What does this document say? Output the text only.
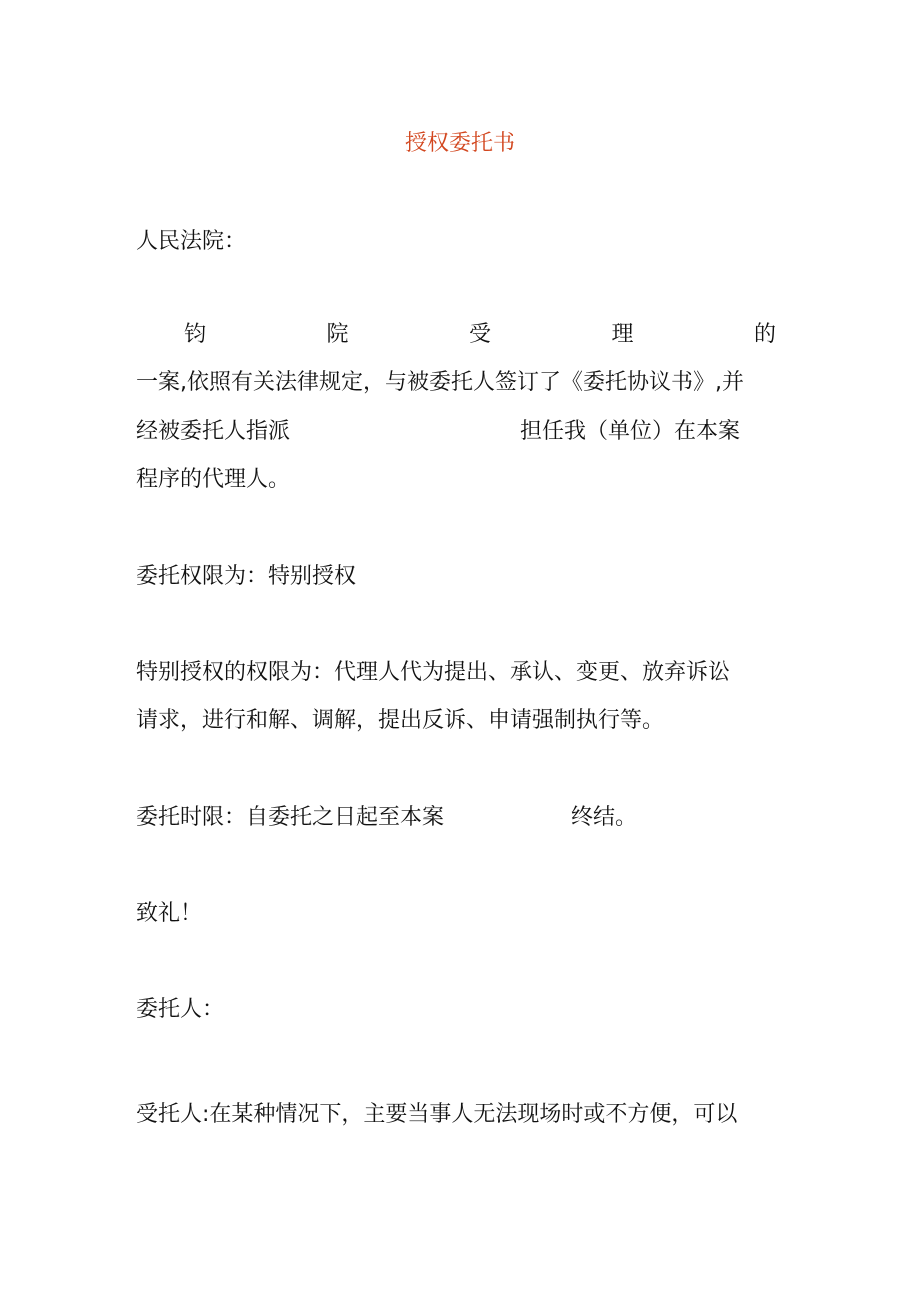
授权委托书
人民法院：
钧	院	受	理	的
一案,依照有关法律规定，与被委托人签订了《委托协议书》,并
经被委托人指派	担任我（单位）在本案
程序的代理人。
委托权限为：特别授权
特别授权的权限为：代理人代为提出、承认、变更、放弃诉讼
请求，进行和解、调解，提出反诉、申请强制执行等。
委托时限：自委托之日起至本案	终结。
致礼！
委托人：
受托人:在某种情况下，主要当事人无法现场时或不方便，可以
